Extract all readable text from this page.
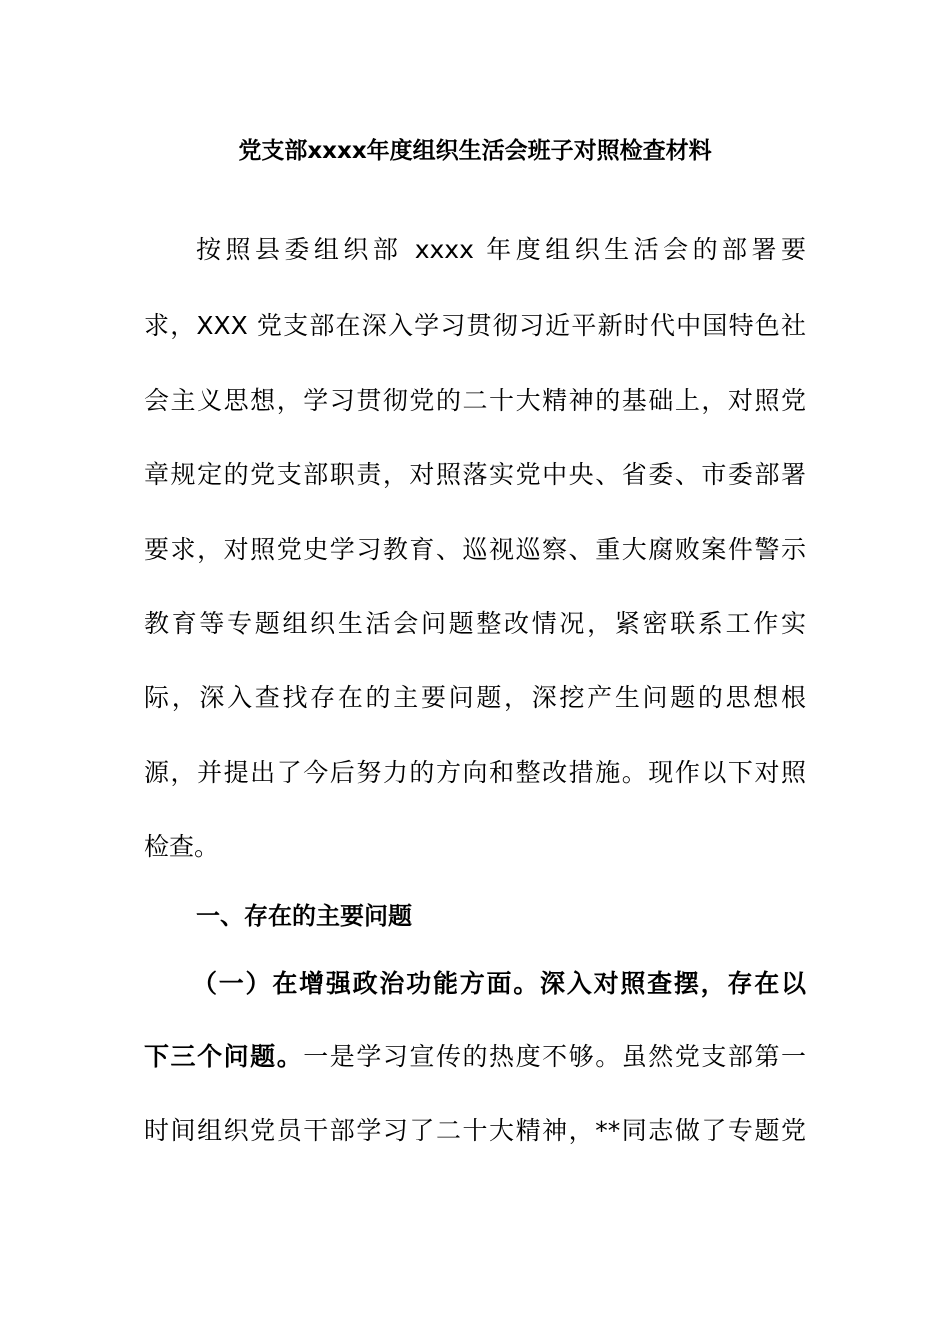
党支部xxxx年度组织生活会班子对照检查材料
按照县委组织部 xxxx 年度组织生活会的部署要
求，XXX 党支部在深入学习贯彻习近平新时代中国特色社
会主义思想，学习贯彻党的二十大精神的基础上，对照党
章规定的党支部职责，对照落实党中央、省委、市委部署
要求，对照党史学习教育、巡视巡察、重大腐败案件警示
教育等专题组织生活会问题整改情况，紧密联系工作实
际，深入查找存在的主要问题，深挖产生问题的思想根
源，并提出了今后努力的方向和整改措施。现作以下对照
检查。
一、存在的主要问题
（一）在增强政治功能方面。深入对照查摆，存在以
下三个问题。一是学习宣传的热度不够。虽然党支部第一
时间组织党员干部学习了二十大精神，**同志做了专题党
